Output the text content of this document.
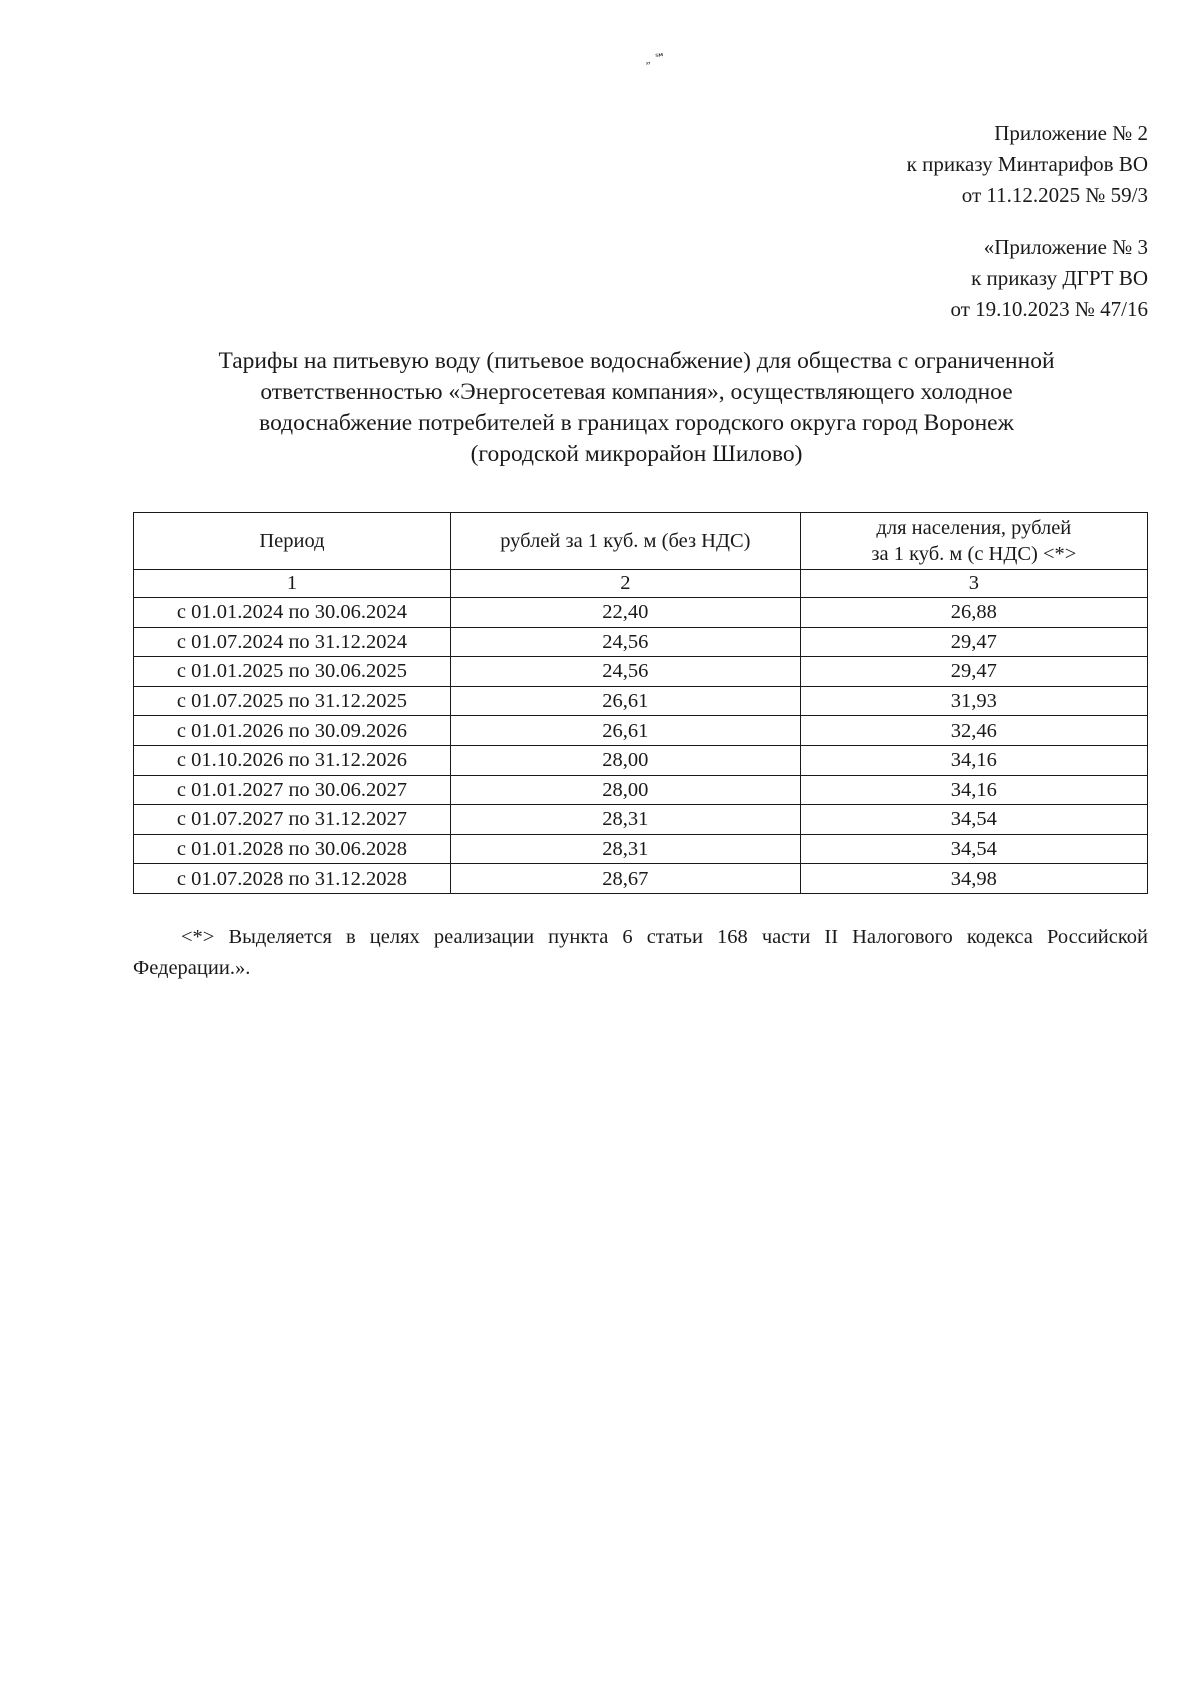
„ ℠
Приложение № 2
к приказу Минтарифов ВО
от 11.12.2025 № 59/3
«Приложение № 3
к приказу ДГРТ ВО
от 19.10.2023 № 47/16
Тарифы на питьевую воду (питьевое водоснабжение) для общества с ограниченной
ответственностью «Энергосетевая компания», осуществляющего холодное
водоснабжение потребителей в границах городского округа город Воронеж
(городской микрорайон Шилово)
Период	рублей за 1 куб. м (без НДС)	для населения, рублей
за 1 куб. м (с НДС) <*>

1	2	3
с 01.01.2024 по 30.06.2024	22,40	26,88
с 01.07.2024 по 31.12.2024	24,56	29,47
с 01.01.2025 по 30.06.2025	24,56	29,47
с 01.07.2025 по 31.12.2025	26,61	31,93
с 01.01.2026 по 30.09.2026	26,61	32,46
с 01.10.2026 по 31.12.2026	28,00	34,16
с 01.01.2027 по 30.06.2027	28,00	34,16
с 01.07.2027 по 31.12.2027	28,31	34,54
с 01.01.2028 по 30.06.2028	28,31	34,54
с 01.07.2028 по 31.12.2028	28,67	34,98
<*> Выделяется в целях реализации пункта 6 статьи 168 части II Налогового кодекса Российской Федерации.».
